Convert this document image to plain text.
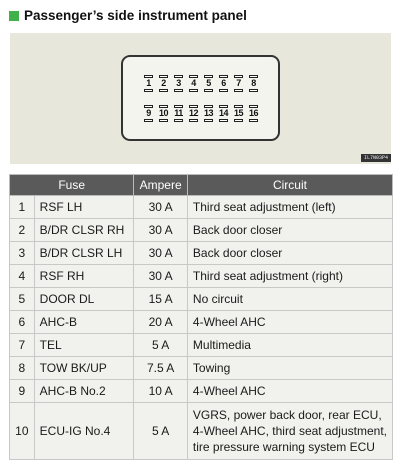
Passenger’s side instrument panel
1 2 3 4 5 6 7 8
9 10 11 12 13 14 15 16
IL7N03P4
Fuse		Ampere	Circuit
1	RSF LH	30 A	Third seat adjustment (left)
2	B/DR CLSR RH	30 A	Back door closer
3	B/DR CLSR LH	30 A	Back door closer
4	RSF RH	30 A	Third seat adjustment (right)
5	DOOR DL	15 A	No circuit
6	AHC-B	20 A	4-Wheel AHC
7	TEL	5 A	Multimedia
8	TOW BK/UP	7.5 A	Towing
9	AHC-B No.2	10 A	4-Wheel AHC
10	ECU-IG No.4	5 A	VGRS, power back door, rear ECU,
4-Wheel AHC, third seat adjustment,
tire pressure warning system ECU
